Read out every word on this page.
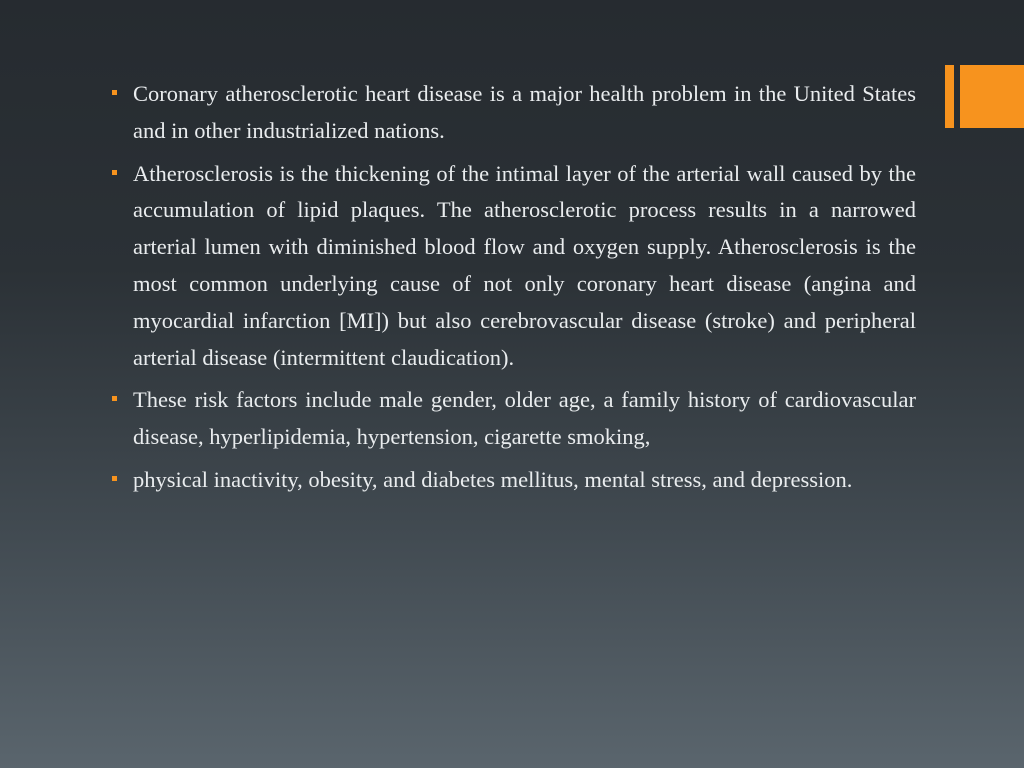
Coronary atherosclerotic heart disease is a major health problem in the United States and in other industrialized nations.
Atherosclerosis is the thickening of the intimal layer of the arterial wall caused by the accumulation of lipid plaques. The atherosclerotic process results in a narrowed arterial lumen with diminished blood flow and oxygen supply. Atherosclerosis is the most common underlying cause of not only coronary heart disease (angina and myocardial infarction [MI]) but also cerebrovascular disease (stroke) and peripheral arterial disease (intermittent claudication).
These risk factors include male gender, older age, a family history of cardiovascular disease, hyperlipidemia, hypertension, cigarette smoking,
physical inactivity, obesity, and diabetes mellitus, mental stress, and depression.
